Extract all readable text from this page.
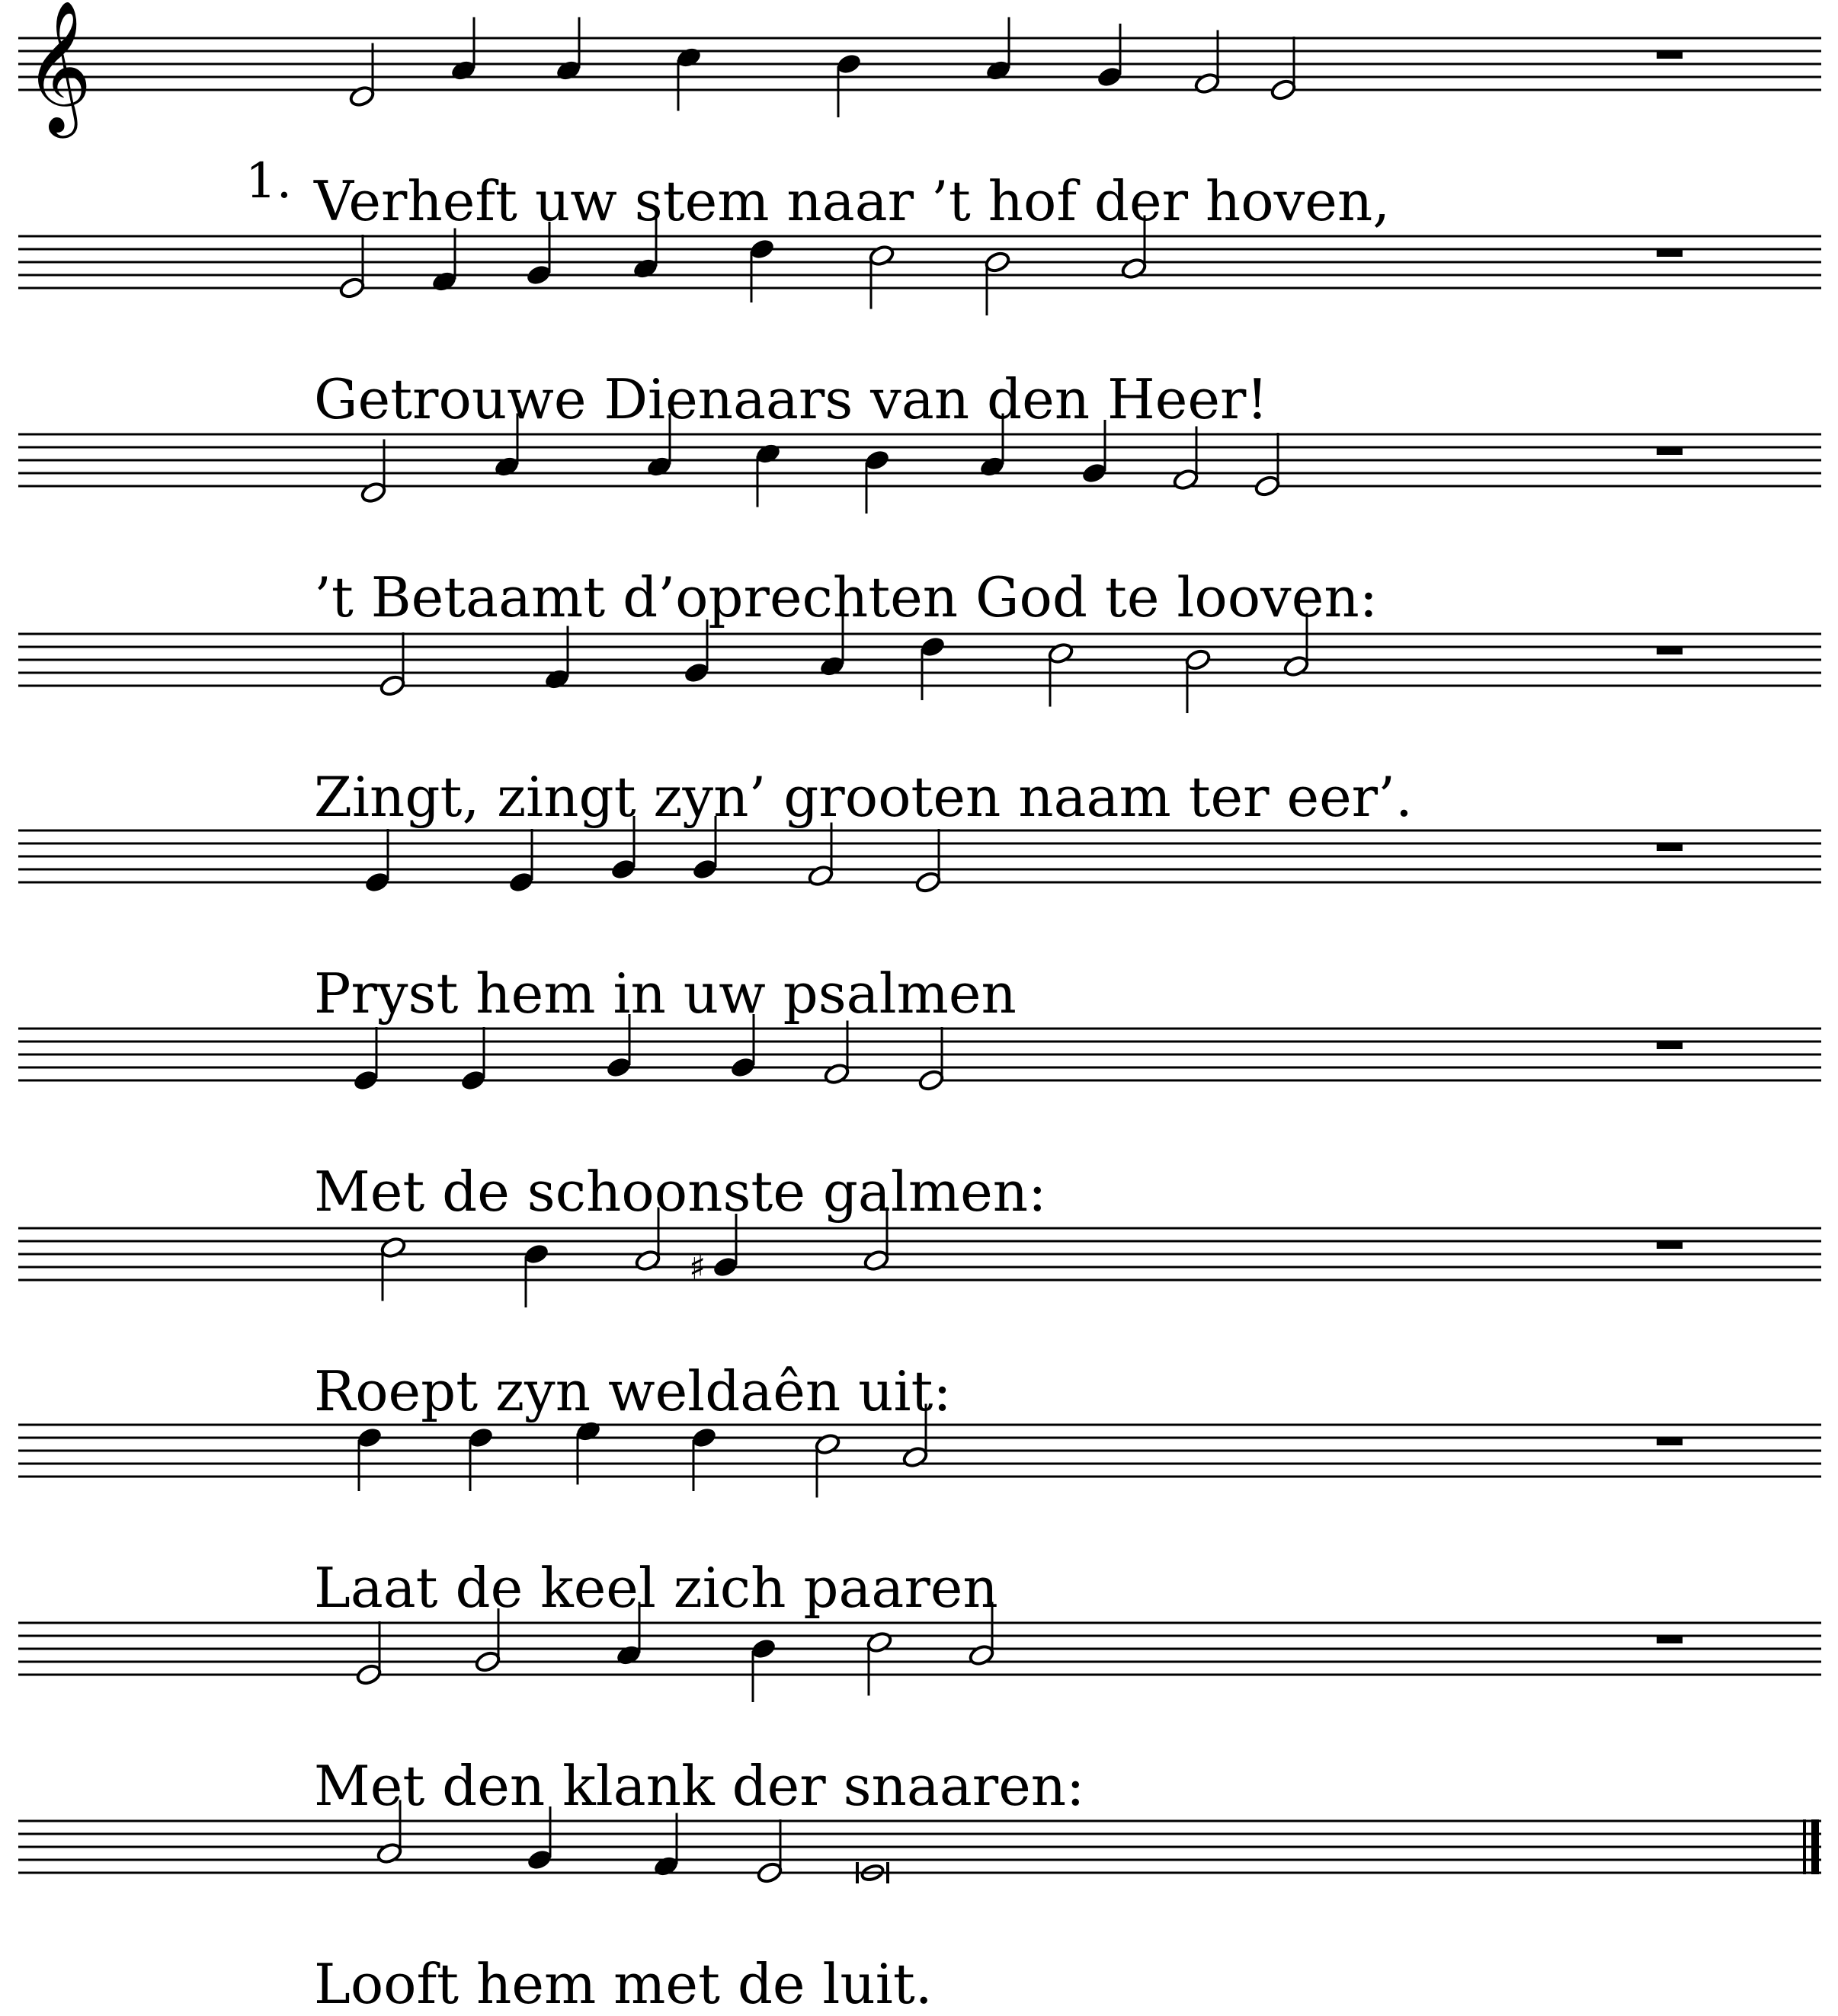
𝄞
♯
1. Verheft uw stem naar ’t hof der hoven,
Getrouwe Dienaars van den Heer!
’t Betaamt d’oprechten God te looven:
Zingt, zingt zyn’ grooten naam ter eer’.
Pryst hem in uw psalmen
Met de schoonste galmen:
Roept zyn weldaên uit:
Laat de keel zich paaren
Met den klank der snaaren:
Looft hem met de luit.
